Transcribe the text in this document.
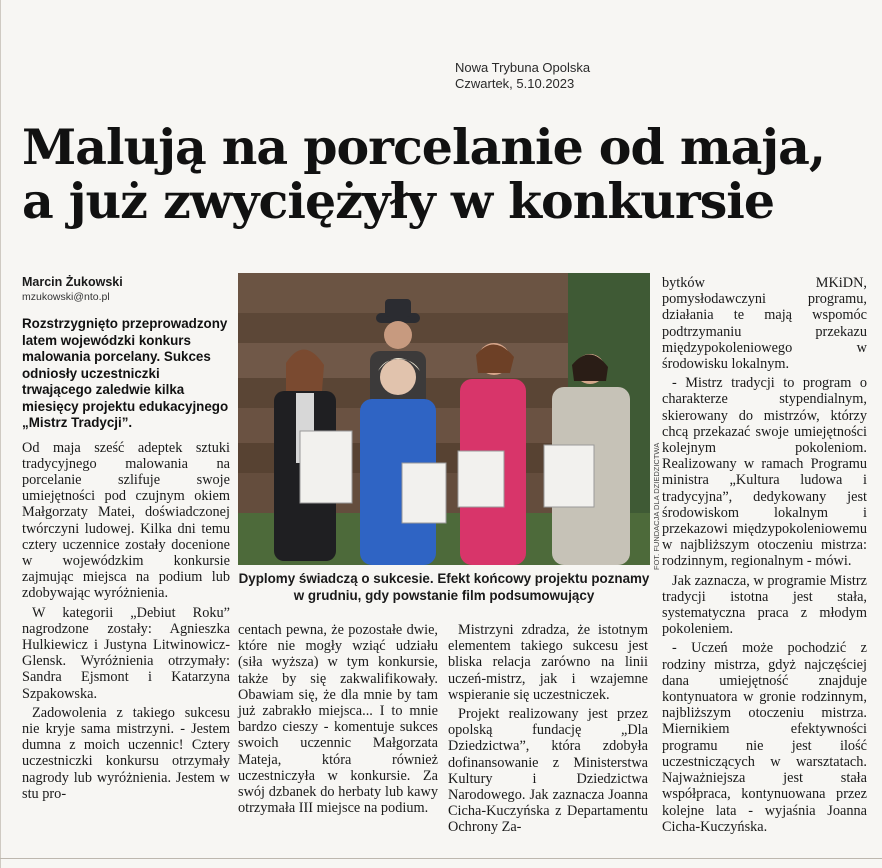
Nowa Trybuna Opolska
Czwartek, 5.10.2023
Malują na porcelanie od maja,
a już zwyciężyły w konkursie

Marcin Żukowski

mzukowski@nto.pl

Rozstrzygnięto przeprowadzony latem wojewódzki konkurs malowania porcelany. Sukces odniosły uczestniczki trwającego zaledwie kilka miesięcy projektu edukacyjnego „Mistrz Tradycji”.

Od maja sześć adeptek sztuki tradycyjnego malowania na porcelanie szlifuje swoje umiejętności pod czujnym okiem Małgorzaty Matei, doświadczonej twórczyni ludowej. Kilka dni temu cztery uczennice zostały docenione w wojewódzkim konkursie zajmując miejsca na podium lub zdobywając wyróżnienia.

W kategorii „Debiut Roku” nagrodzone zostały: Agnieszka Hulkiewicz i Justyna Litwinowicz-Glensk. Wyróżnienia otrzymały: Sandra Ejsmont i Katarzyna Szpakowska.

Zadowolenia z takiego sukcesu nie kryje sama mistrzyni. - Jestem dumna z moich uczennic! Cztery uczestniczki konkursu otrzymały nagrody lub wyróżnienia. Jestem w stu pro-

FOT. FUNDACJA DLA DZIEDZICTWA

Dyplomy świadczą o sukcesie. Efekt końcowy projektu poznamy w grudniu, gdy powstanie film podsumowujący

centach pewna, że pozostałe dwie, które nie mogły wziąć udziału (siła wyższa) w tym konkursie, także by się zakwalifikowały. Obawiam się, że dla mnie by tam już zabrakło miejsca... I to mnie bardzo cieszy - komentuje sukces swoich uczennic Małgorzata Mateja, która również uczestniczyła w konkursie. Za swój dzbanek do herbaty lub kawy otrzymała III miejsce na podium.

Mistrzyni zdradza, że istotnym elementem takiego sukcesu jest bliska relacja zarówno na linii uczeń-mistrz, jak i wzajemne wspieranie się uczestniczek.

Projekt realizowany jest przez opolską fundację „Dla Dziedzictwa”, która zdobyła dofinansowanie z Ministerstwa Kultury i Dziedzictwa Narodowego. Jak zaznacza Joanna Cicha-Kuczyńska z Departamentu Ochrony Za-

bytków MKiDN, pomysłodawczyni programu, działania te mają wspomóc podtrzymaniu przekazu międzypokoleniowego w środowisku lokalnym.

- Mistrz tradycji to program o charakterze stypendialnym, skierowany do mistrzów, którzy chcą przekazać swoje umiejętności kolejnym pokoleniom. Realizowany w ramach Programu ministra „Kultura ludowa i tradycyjna”, dedykowany jest środowiskom lokalnym i przekazowi międzypokoleniowemu w najbliższym otoczeniu mistrza: rodzinnym, regionalnym - mówi.

Jak zaznacza, w programie Mistrz tradycji istotna jest stała, systematyczna praca z młodym pokoleniem.

- Uczeń może pochodzić z rodziny mistrza, gdyż najczęściej dana umiejętność znajduje kontynuatora w gronie rodzinnym, najbliższym otoczeniu mistrza. Miernikiem efektywności programu nie jest ilość uczestniczących w warsztatach. Najważniejsza jest stała współpraca, kontynuowana przez kolejne lata - wyjaśnia Joanna Cicha-Kuczyńska.
